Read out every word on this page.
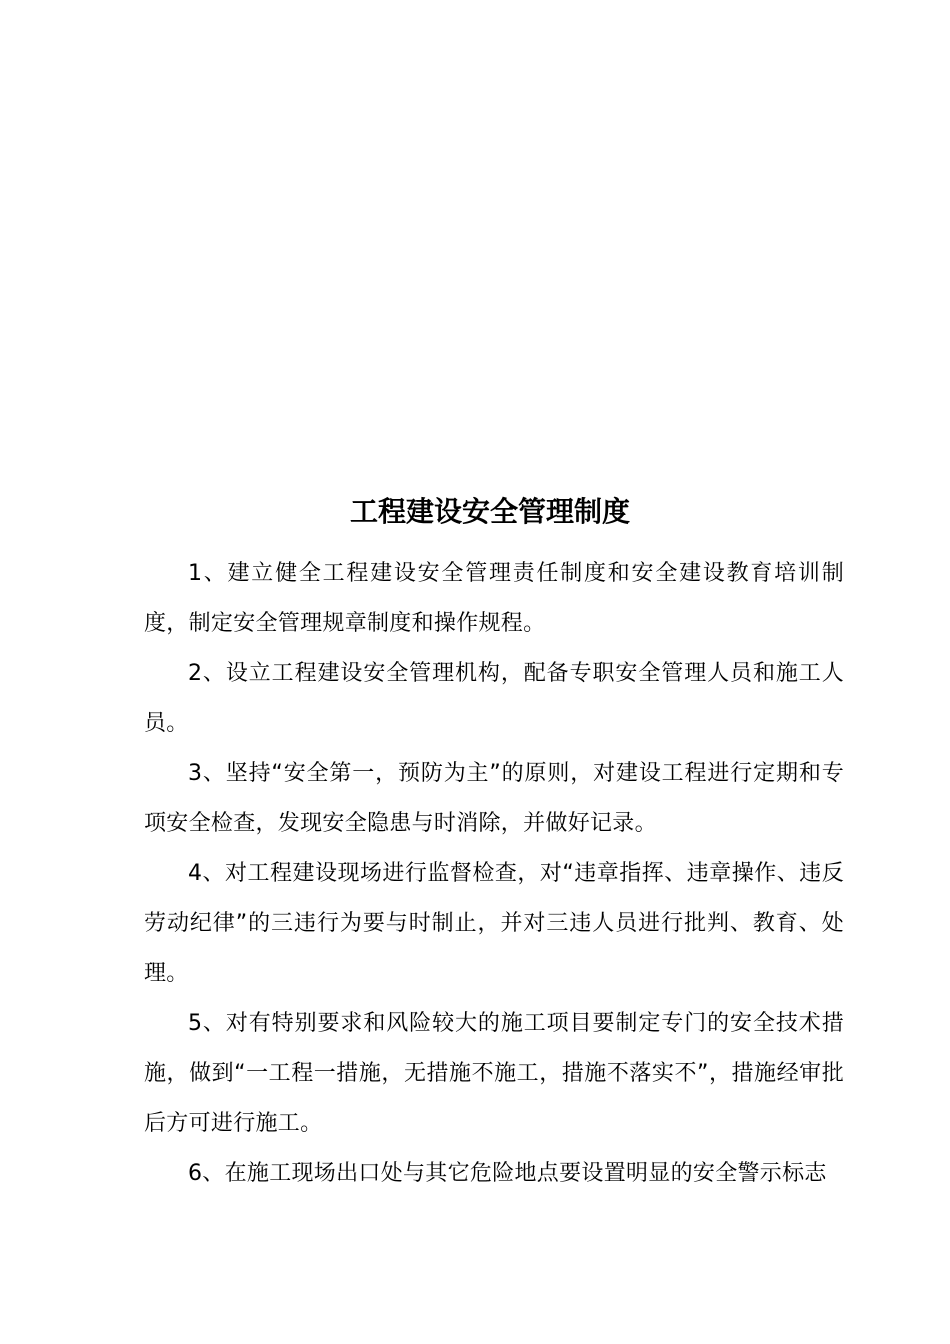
工程建设安全管理制度

1、建立健全工程建设安全管理责任制度和安全建设教育培训制度，制定安全管理规章制度和操作规程。

2、设立工程建设安全管理机构，配备专职安全管理人员和施工人员。

3、坚持“安全第一，预防为主”的原则，对建设工程进行定期和专项安全检查，发现安全隐患与时消除，并做好记录。

4、对工程建设现场进行监督检查，对“违章指挥、违章操作、违反劳动纪律”的三违行为要与时制止，并对三违人员进行批判、教育、处理。

5、对有特别要求和风险较大的施工项目要制定专门的安全技术措施，做到“一工程一措施，无措施不施工，措施不落实不”，措施经审批后方可进行施工。

6、在施工现场出口处与其它危险地点要设置明显的安全警示标志
